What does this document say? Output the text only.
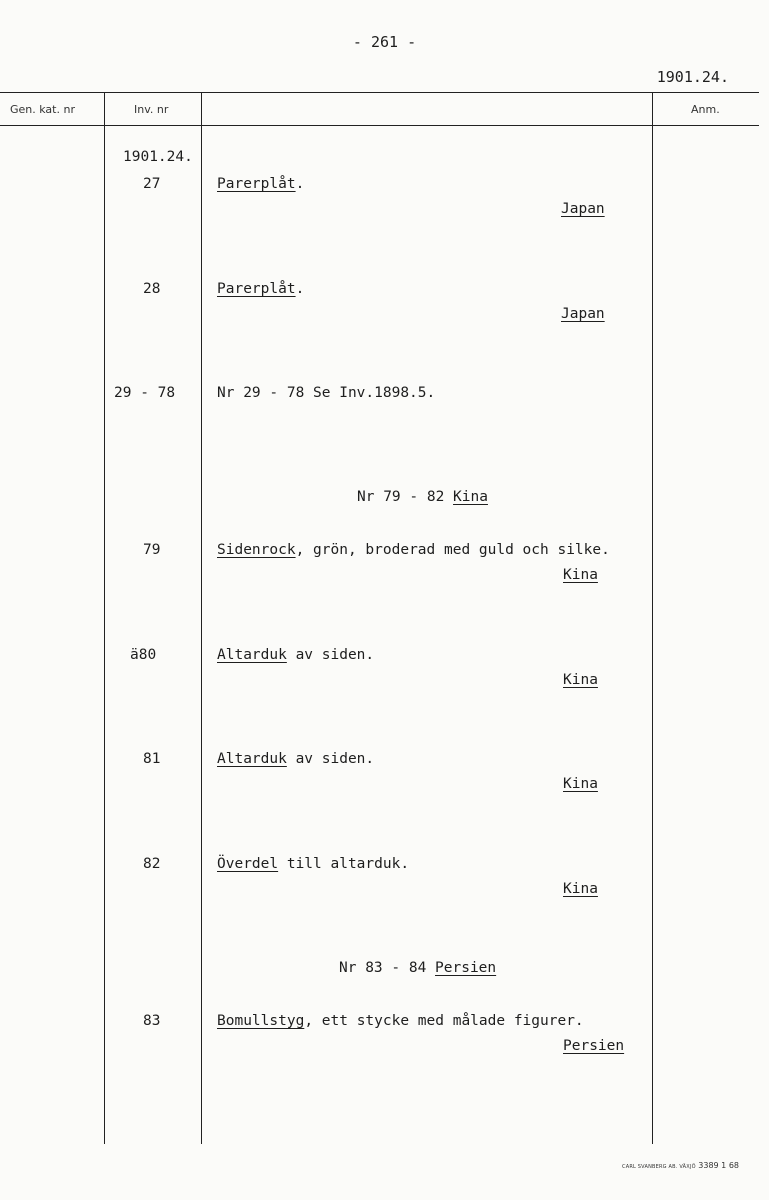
- 261 -
1901.24.
Gen. kat. nr	Inv. nr	Anm.
1901.24.
27	Parerplåt.
Japan
28	Parerplåt.
Japan
29 - 78	Nr 29 - 78 Se Inv.1898.5.
Nr 79 - 82 Kina
79	Sidenrock, grön, broderad med guld och silke.
Kina
ä80	Altarduk av siden.
Kina
81	Altarduk av siden.
Kina
82	Överdel till altarduk.
Kina
Nr 83 - 84 Persien
83	Bomullstyg, ett stycke med målade figurer.
Persien
CARL SVANBERG AB. VÄXJÖ 3389 1 68
